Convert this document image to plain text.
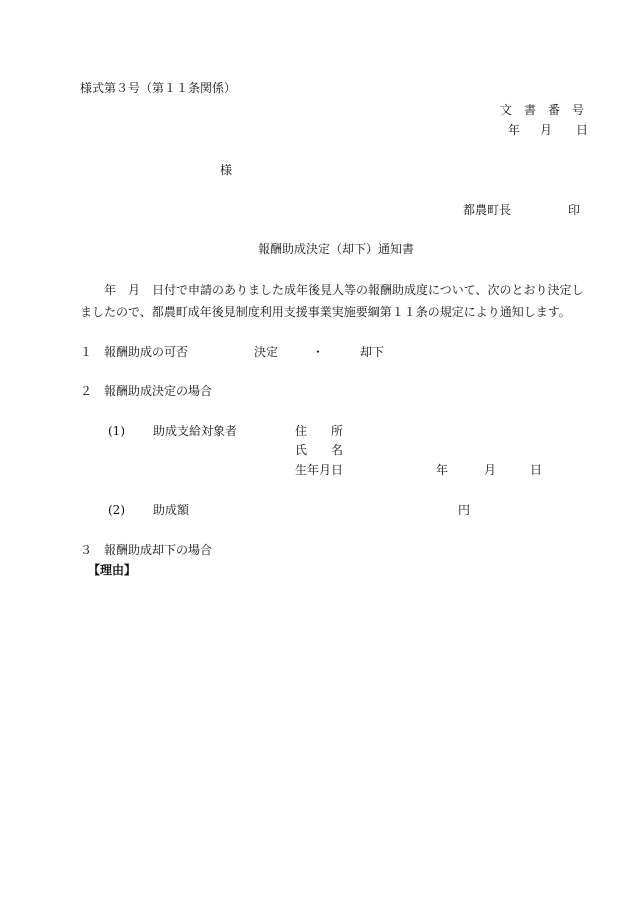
様式第３号（第１１条関係）
文　書　番　号
年 月 日
様
都農町長	印
報酬助成決定（却下）通知書
年　月　日付で申請のありました成年後見人等の報酬助成度について、次のとおり決定し
ましたので、都農町成年後見制度利用支援事業実施要綱第１１条の規定により通知します。
１　報酬助成の可否	決定	・	却下
２　報酬助成決定の場合
(1) 助成支給対象者	住　　所
氏　　名
生年月日	年	月	日
(2) 助成額	円
３　報酬助成却下の場合
【理由】
